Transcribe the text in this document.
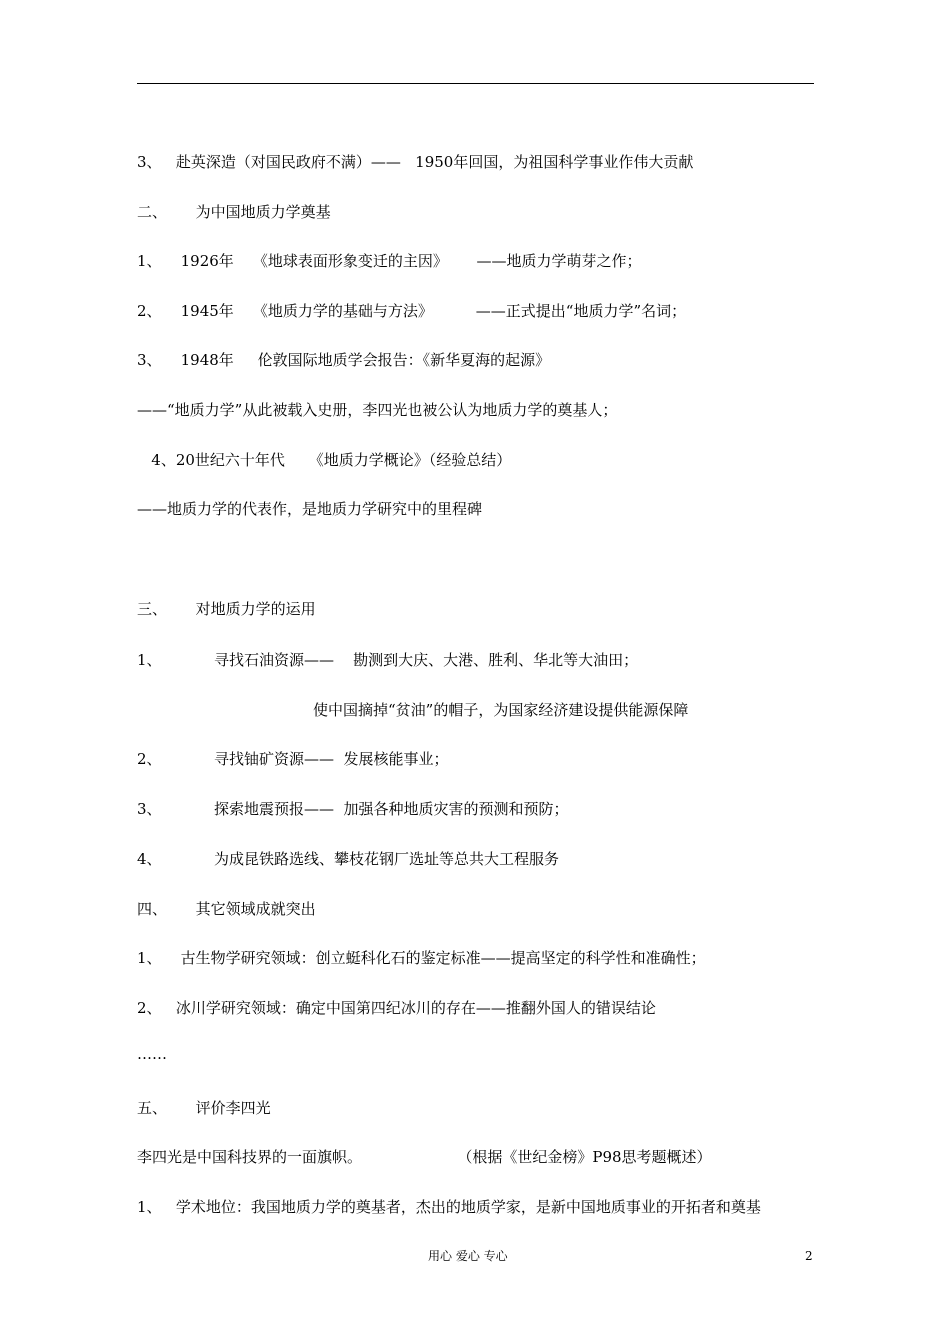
3、   赴英深造（对国民政府不满）——   1950年回国，为祖国科学事业作伟大贡献
二、      为中国地质力学奠基
1、    1926年    《地球表面形象变迁的主因》      ——地质力学萌芽之作；
2、    1945年    《地质力学的基础与方法》         ——正式提出“地质力学”名词；
3、    1948年     伦敦国际地质学会报告：《新华夏海的起源》
——“地质力学”从此被载入史册，李四光也被公认为地质力学的奠基人；
4、20世纪六十年代     《地质力学概论》（经验总结）
——地质力学的代表作，是地质力学研究中的里程碑
三、      对地质力学的运用
1、           寻找石油资源——    勘测到大庆、大港、胜利、华北等大油田；
使中国摘掉“贫油”的帽子，为国家经济建设提供能源保障
2、           寻找铀矿资源——  发展核能事业；
3、           探索地震预报——  加强各种地质灾害的预测和预防；
4、           为成昆铁路选线、攀枝花钢厂选址等总共大工程服务
四、      其它领域成就突出
1、    古生物学研究领域：创立蜓科化石的鉴定标准——提高坚定的科学性和准确性；
2、   冰川学研究领域：确定中国第四纪冰川的存在——推翻外国人的错误结论
……
五、      评价李四光
李四光是中国科技界的一面旗帜。                    （根据《世纪金榜》P98思考题概述）
1、   学术地位：我国地质力学的奠基者，杰出的地质学家，是新中国地质事业的开拓者和奠基
用心 爱心 专心	2
